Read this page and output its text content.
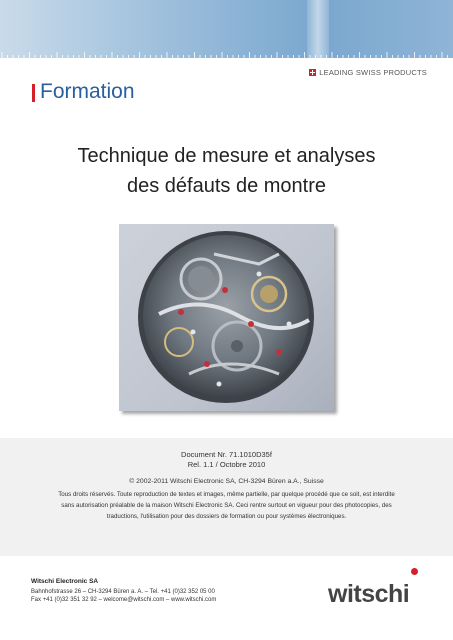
LEADING SWISS PRODUCTS
Formation
Technique de mesure et analyses
des défauts de montre
Document Nr. 71.1010D35f
Rel. 1.1 / Octobre 2010
© 2002-2011 Witschi Electronic SA, CH-3294 Büren a.A., Suisse
Tous droits réservés. Toute reproduction de textes et images, même partielle, par quelque procédé que ce soit, est interdite
sans autorisation préalable de la maison Witschi Electronic SA. Ceci rentre surtout en vigueur pour des photocopies, des
traductions, l'utilisation pour des dossiers de formation ou pour systèmes électroniques.
Witschi Electronic SA
Bahnhofstrasse 26 – CH-3294 Büren a. A. – Tel. +41 (0)32 352 05 00
Fax +41 (0)32 351 32 92 – welcome@witschi.com – www.witschi.com	witschi
